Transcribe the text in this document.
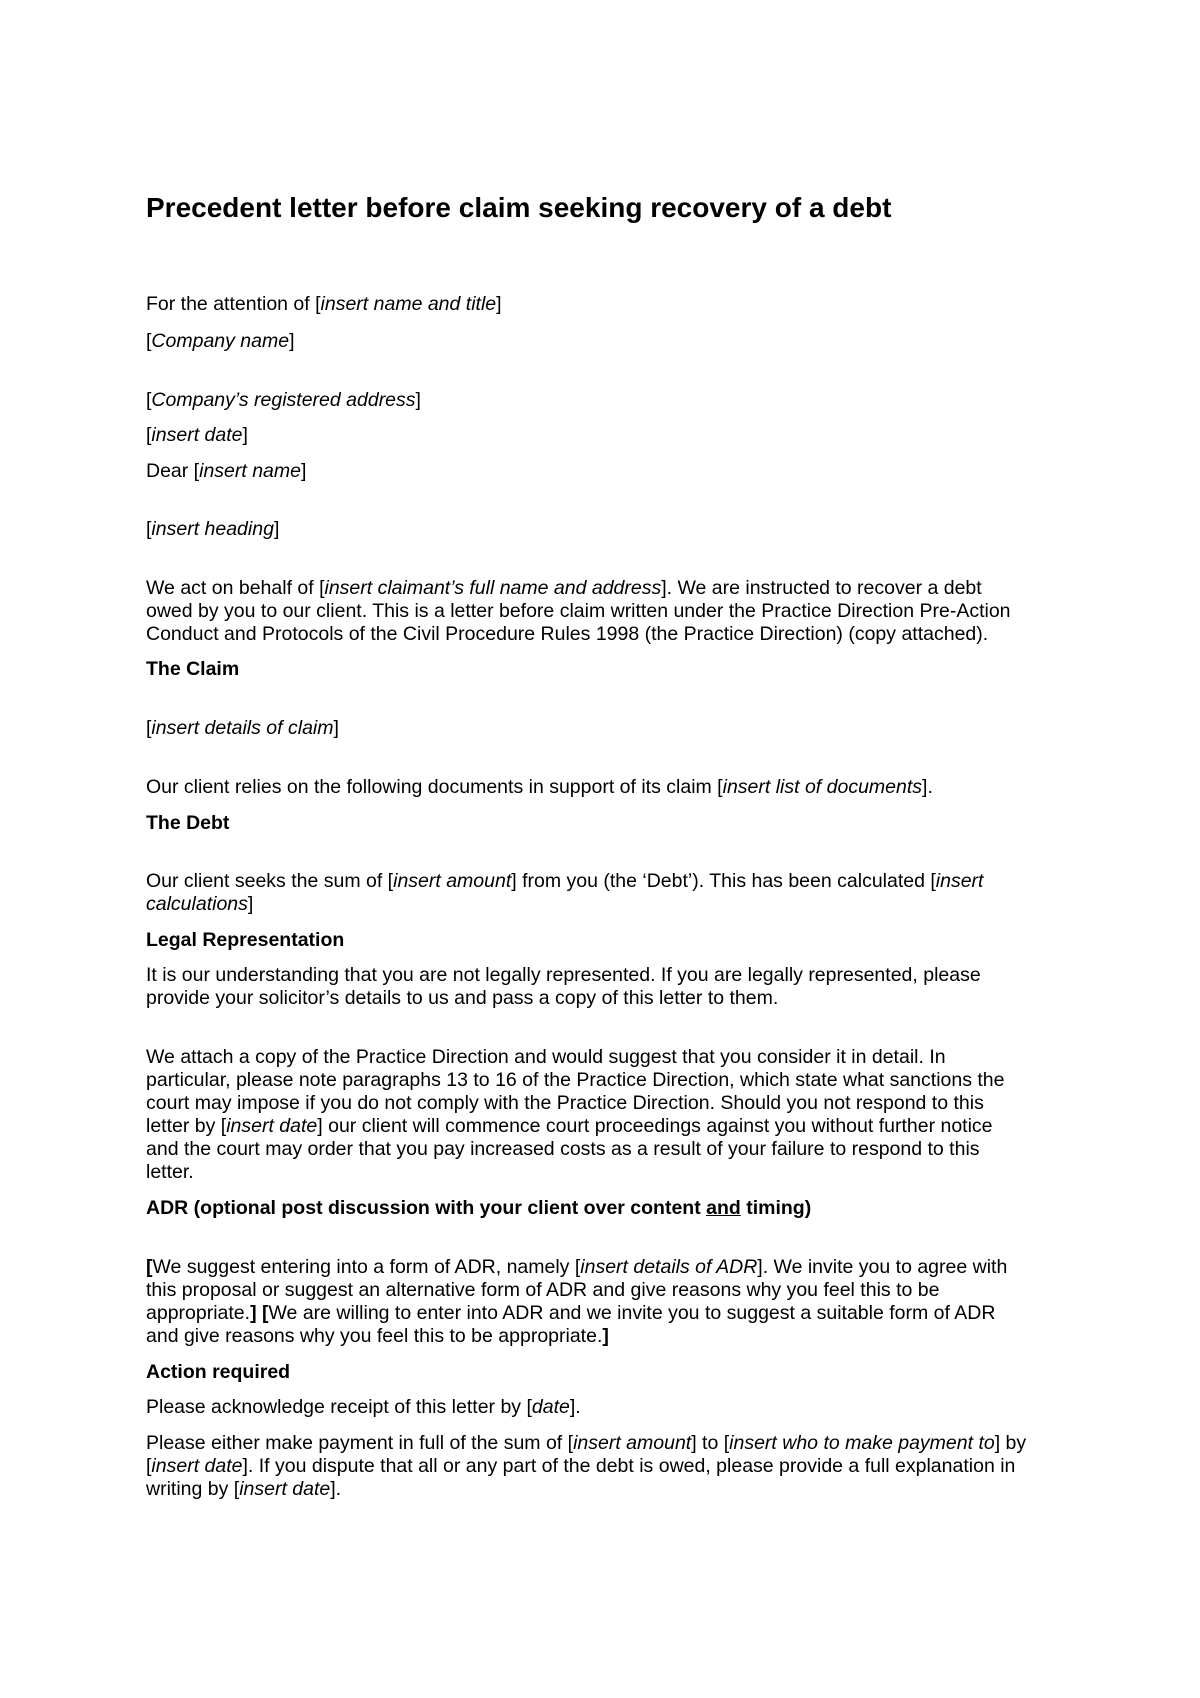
Precedent letter before claim seeking recovery of a debt
For the attention of [insert name and title]
[Company name]
[Company’s registered address]
[insert date]
Dear [insert name]
[insert heading]
We act on behalf of [insert claimant’s full name and address]. We are instructed to recover a debt
owed by you to our client. This is a letter before claim written under the Practice Direction Pre-Action
Conduct and Protocols of the Civil Procedure Rules 1998 (the Practice Direction) (copy attached).
The Claim
[insert details of claim]
Our client relies on the following documents in support of its claim [insert list of documents].
The Debt
Our client seeks the sum of [insert amount] from you (the ‘Debt’). This has been calculated [insert
calculations]
Legal Representation
It is our understanding that you are not legally represented. If you are legally represented, please
provide your solicitor’s details to us and pass a copy of this letter to them.
We attach a copy of the Practice Direction and would suggest that you consider it in detail. In
particular, please note paragraphs 13 to 16 of the Practice Direction, which state what sanctions the
court may impose if you do not comply with the Practice Direction. Should you not respond to this
letter by [insert date] our client will commence court proceedings against you without further notice
and the court may order that you pay increased costs as a result of your failure to respond to this
letter.
ADR (optional post discussion with your client over content and timing)
[We suggest entering into a form of ADR, namely [insert details of ADR]. We invite you to agree with
this proposal or suggest an alternative form of ADR and give reasons why you feel this to be
appropriate.] [We are willing to enter into ADR and we invite you to suggest a suitable form of ADR
and give reasons why you feel this to be appropriate.]
Action required
Please acknowledge receipt of this letter by [date].
Please either make payment in full of the sum of [insert amount] to [insert who to make payment to] by
[insert date]. If you dispute that all or any part of the debt is owed, please provide a full explanation in
writing by [insert date].
